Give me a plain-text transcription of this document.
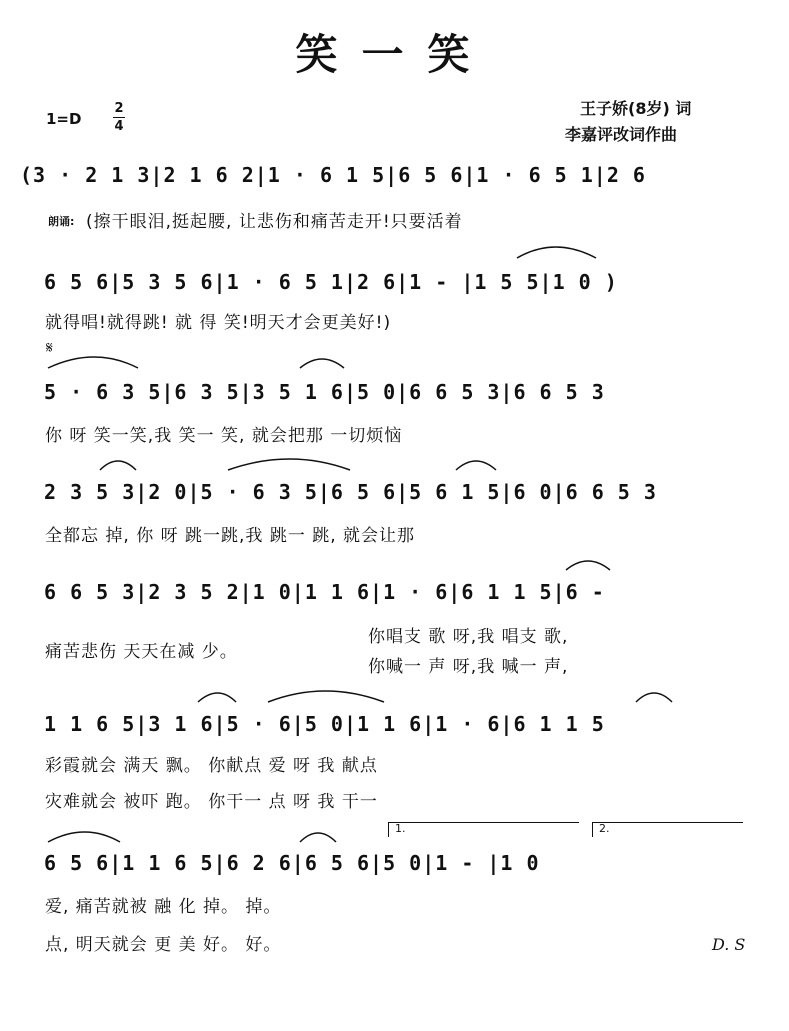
笑一笑
1=D
2
4
王子娇(8岁) 词
李嘉评改词作曲
(3 · 2 1 3|2 1 6 2|1 · 6 1 5|6 5 6|1 · 6 5 1|2 6
朗诵: (擦干眼泪,挺起腰, 让悲伤和痛苦走开!只要活着
6 5 6|5 3 5 6|1 · 6 5 1|2 6|1 - |1 5 5|1 0 )
就得唱!就得跳! 就 得 笑!明天才会更美好!)
𝄋
5 · 6 3 5|6 3 5|3 5 1 6|5 0|6 6 5 3|6 6 5 3
你 呀 笑一笑,我 笑一 笑, 就会把那 一切烦恼
2 3 5 3|2 0|5 · 6 3 5|6 5 6|5 6 1 5|6 0|6 6 5 3
全都忘 掉, 你 呀 跳一跳,我 跳一 跳, 就会让那
6 6 5 3|2 3 5 2|1 0|1 1 6|1 · 6|6 1 1 5|6 -
痛苦悲伤 天天在减 少。
你唱支 歌 呀,我 唱支 歌,
你喊一 声 呀,我 喊一 声,
1 1 6 5|3 1 6|5 · 6|5 0|1 1 6|1 · 6|6 1 1 5
彩霞就会 满天 飘。 你献点 爱 呀 我 献点
灾难就会 被吓 跑。 你干一 点 呀 我 干一
1.	2.
6 5 6|1 1 6 5|6 2 6|6 5 6|5 0|1 - |1 0
爱, 痛苦就被 融 化 掉。 掉。
点, 明天就会 更 美 好。 好。	D. S
